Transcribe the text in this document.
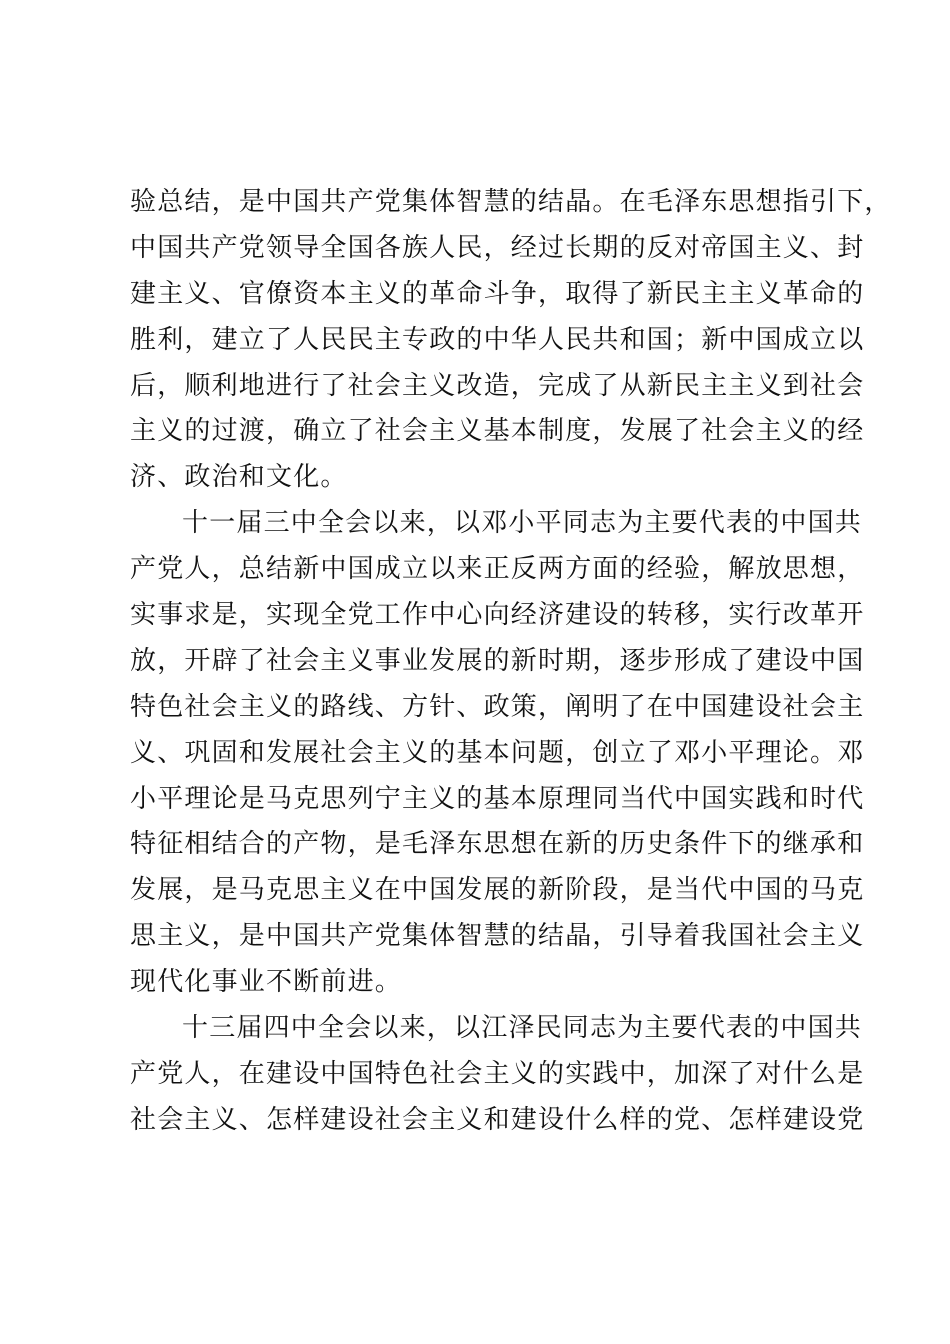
验总结，是中国共产党集体智慧的结晶。在毛泽东思想指引下，
中国共产党领导全国各族人民，经过长期的反对帝国主义、封
建主义、官僚资本主义的革命斗争，取得了新民主主义革命的
胜利，建立了人民民主专政的中华人民共和国；新中国成立以
后，顺利地进行了社会主义改造，完成了从新民主主义到社会
主义的过渡，确立了社会主义基本制度，发展了社会主义的经
济、政治和文化。
十一届三中全会以来，以邓小平同志为主要代表的中国共
产党人，总结新中国成立以来正反两方面的经验，解放思想，
实事求是，实现全党工作中心向经济建设的转移，实行改革开
放，开辟了社会主义事业发展的新时期，逐步形成了建设中国
特色社会主义的路线、方针、政策，阐明了在中国建设社会主
义、巩固和发展社会主义的基本问题，创立了邓小平理论。邓
小平理论是马克思列宁主义的基本原理同当代中国实践和时代
特征相结合的产物，是毛泽东思想在新的历史条件下的继承和
发展，是马克思主义在中国发展的新阶段，是当代中国的马克
思主义，是中国共产党集体智慧的结晶，引导着我国社会主义
现代化事业不断前进。
十三届四中全会以来，以江泽民同志为主要代表的中国共
产党人，在建设中国特色社会主义的实践中，加深了对什么是
社会主义、怎样建设社会主义和建设什么样的党、怎样建设党
